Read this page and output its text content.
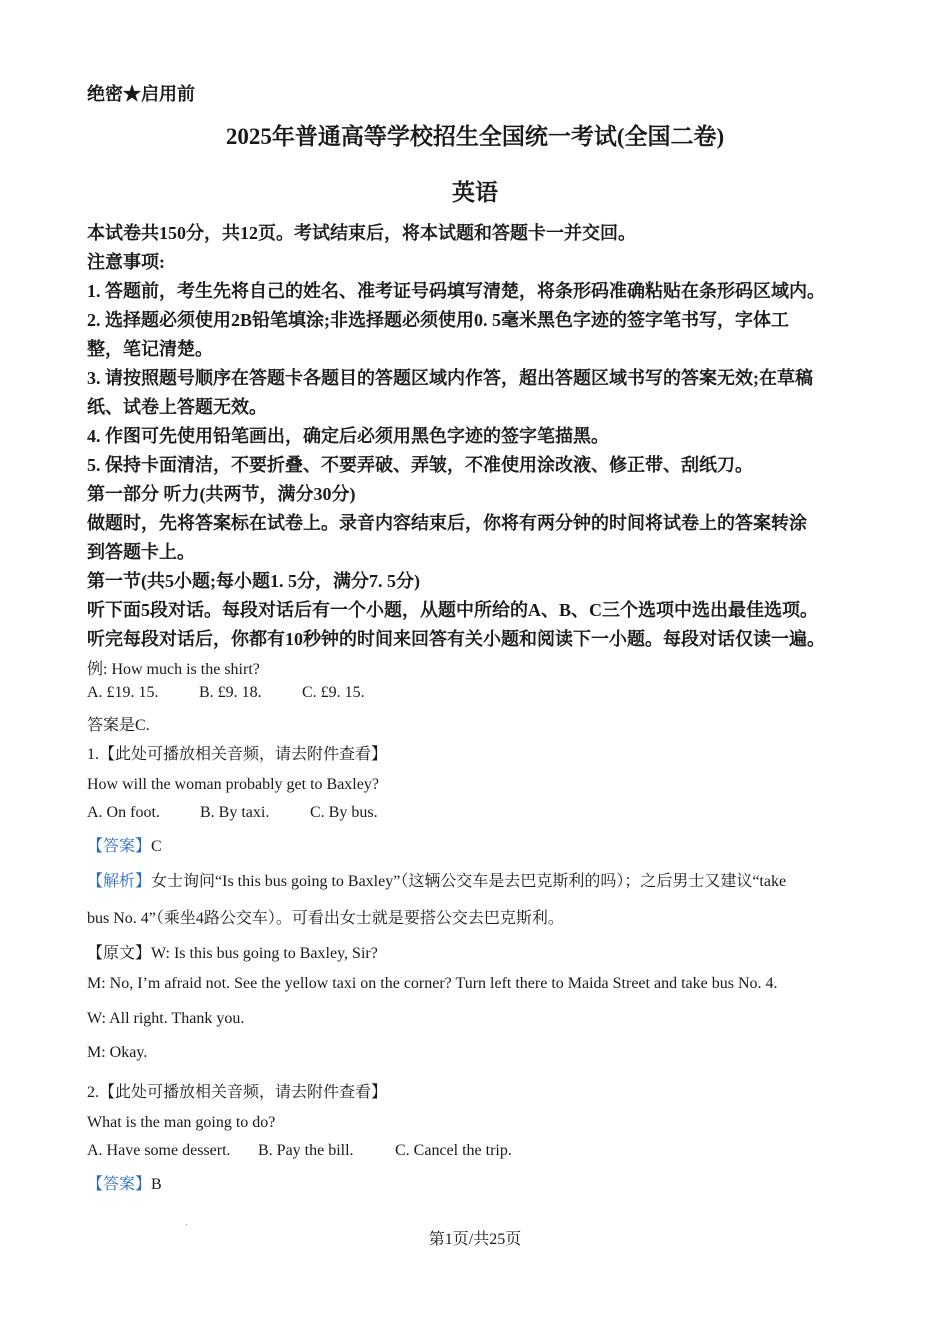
绝密★启用前
2025年普通高等学校招生全国统一考试(全国二卷)
英语
本试卷共150分，共12页。考试结束后，将本试题和答题卡一并交回。
注意事项:
1. 答题前，考生先将自己的姓名、准考证号码填写清楚，将条形码准确粘贴在条形码区域内。
2. 选择题必须使用2B铅笔填涂;非选择题必须使用0. 5毫米黑色字迹的签字笔书写，字体工
整，笔记清楚。
3. 请按照题号顺序在答题卡各题目的答题区域内作答，超出答题区域书写的答案无效;在草稿
纸、试卷上答题无效。
4. 作图可先使用铅笔画出，确定后必须用黑色字迹的签字笔描黑。
5. 保持卡面清洁，不要折叠、不要弄破、弄皱，不准使用涂改液、修正带、刮纸刀。
第一部分 听力(共两节，满分30分)
做题时，先将答案标在试卷上。录音内容结束后，你将有两分钟的时间将试卷上的答案转涂
到答题卡上。
第一节(共5小题;每小题1. 5分，满分7. 5分)
听下面5段对话。每段对话后有一个小题，从题中所给的A、B、C三个选项中选出最佳选项。
听完每段对话后，你都有10秒钟的时间来回答有关小题和阅读下一小题。每段对话仅读一遍。
例: How much is the shirt?
A. £19. 15.	B. £9. 18.	C. £9. 15.
答案是C.
1.【此处可播放相关音频，请去附件查看】
How will the woman probably get to Baxley?
A. On foot.	B. By taxi.	C. By bus.
【答案】C
【解析】女士询问“Is this bus going to Baxley”（这辆公交车是去巴克斯利的吗）；之后男士又建议“take
bus No. 4”（乘坐4路公交车）。可看出女士就是要搭公交去巴克斯利。
【原文】W: Is this bus going to Baxley, Sir?
M: No, I’m afraid not. See the yellow taxi on the corner? Turn left there to Maida Street and take bus No. 4.
W: All right. Thank you.
M: Okay.
2.【此处可播放相关音频，请去附件查看】
What is the man going to do?
A. Have some dessert. B. Pay the bill.	C. Cancel the trip.
【答案】B
第1页/共25页
